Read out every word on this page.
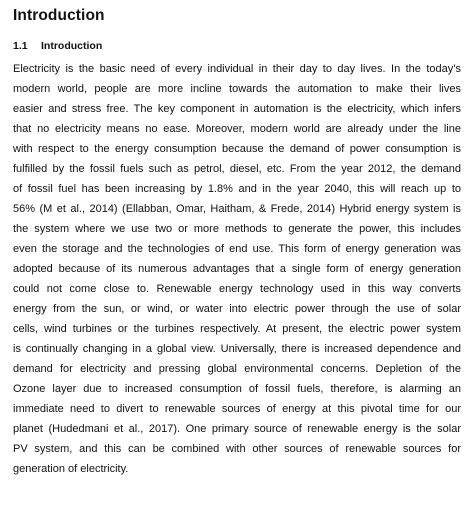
Introduction
1.1	Introduction
Electricity is the basic need of every individual in their day to day lives. In the today’s
modern world, people are more incline towards the automation to make their lives
easier and stress free. The key component in automation is the electricity, which infers
that no electricity means no ease. Moreover, modern world are already under the line
with respect to the energy consumption because the demand of power consumption is
fulfilled by the fossil fuels such as petrol, diesel, etc. From the year 2012, the demand
of fossil fuel has been increasing by 1.8% and in the year 2040, this will reach up to
56% (M et al., 2014) (Ellabban, Omar, Haitham, & Frede, 2014) Hybrid energy system is
the system where we use two or more methods to generate the power, this includes
even the storage and the technologies of end use. This form of energy generation was
adopted because of its numerous advantages that a single form of energy generation
could not come close to. Renewable energy technology used in this way converts
energy from the sun, or wind, or water into electric power through the use of solar
cells, wind turbines or the turbines respectively. At present, the electric power system
is continually changing in a global view. Universally, there is increased dependence and
demand for electricity and pressing global environmental concerns. Depletion of the
Ozone layer due to increased consumption of fossil fuels, therefore, is alarming an
immediate need to divert to renewable sources of energy at this pivotal time for our
planet (Hudedmani et al., 2017). One primary source of renewable energy is the solar
PV system, and this can be combined with other sources of renewable sources for
generation of electricity.
